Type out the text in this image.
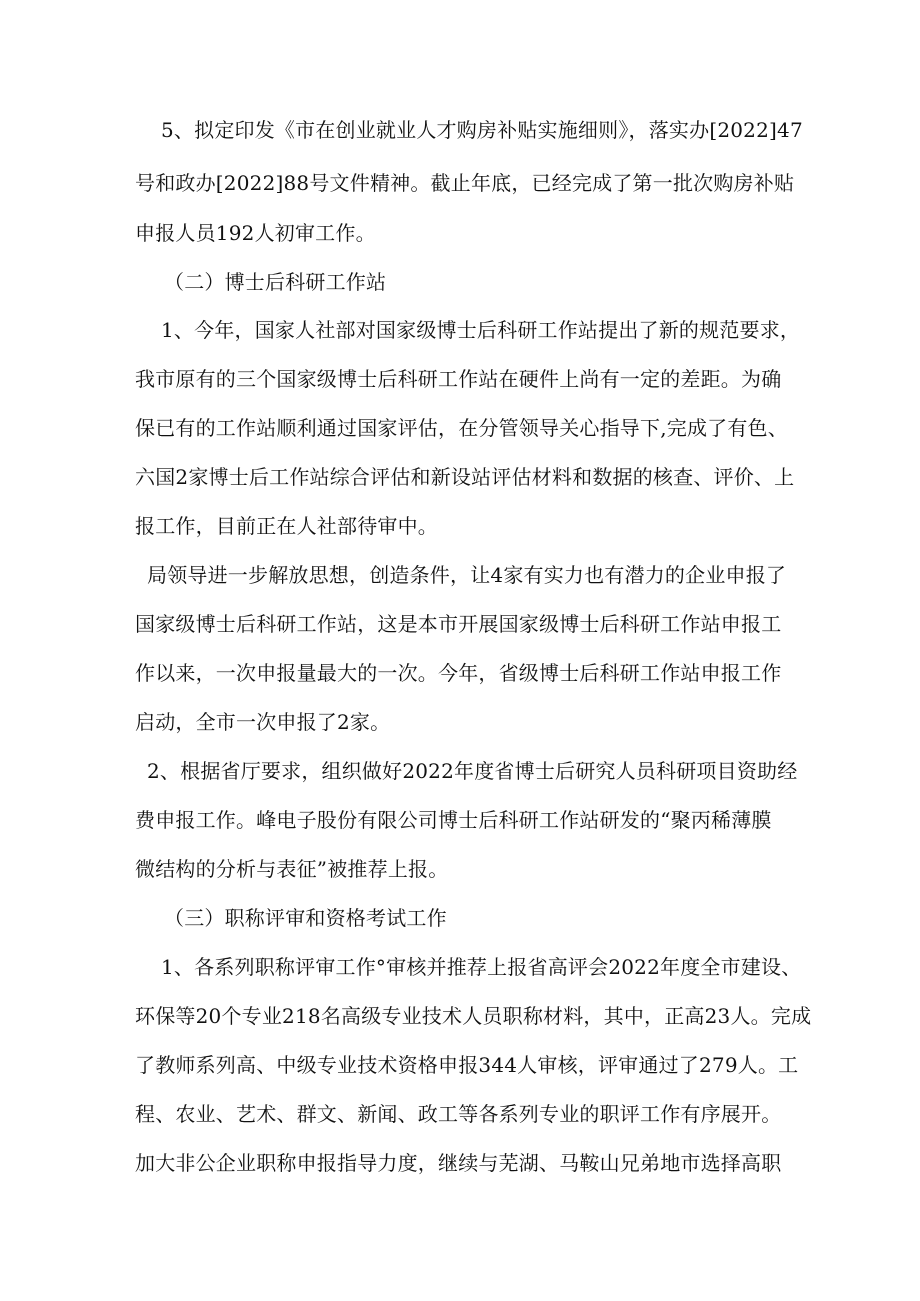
5、拟定印发《市在创业就业人才购房补贴实施细则》，落实办[2022]47
号和政办[2022]88号文件精神。截止年底，已经完成了第一批次购房补贴
申报人员192人初审工作。
（二）博士后科研工作站
1、今年，国家人社部对国家级博士后科研工作站提出了新的规范要求，
我市原有的三个国家级博士后科研工作站在硬件上尚有一定的差距。为确
保已有的工作站顺利通过国家评估，在分管领导关心指导下,完成了有色、
六国2家博士后工作站综合评估和新设站评估材料和数据的核查、评价、上
报工作，目前正在人社部待审中。
局领导进一步解放思想，创造条件，让4家有实力也有潜力的企业申报了
国家级博士后科研工作站，这是本市开展国家级博士后科研工作站申报工
作以来，一次申报量最大的一次。今年，省级博士后科研工作站申报工作
启动，全市一次申报了2家。
2、根据省厅要求，组织做好2022年度省博士后研究人员科研项目资助经
费申报工作。峰电子股份有限公司博士后科研工作站研发的“聚丙稀薄膜
微结构的分析与表征”被推荐上报。
（三）职称评审和资格考试工作
1、各系列职称评审工作°审核并推荐上报省高评会2022年度全市建设、
环保等20个专业218名高级专业技术人员职称材料，其中，正高23人。完成
了教师系列高、中级专业技术资格申报344人审核，评审通过了279人。工
程、农业、艺术、群文、新闻、政工等各系列专业的职评工作有序展开。
加大非公企业职称申报指导力度，继续与芜湖、马鞍山兄弟地市选择高职
